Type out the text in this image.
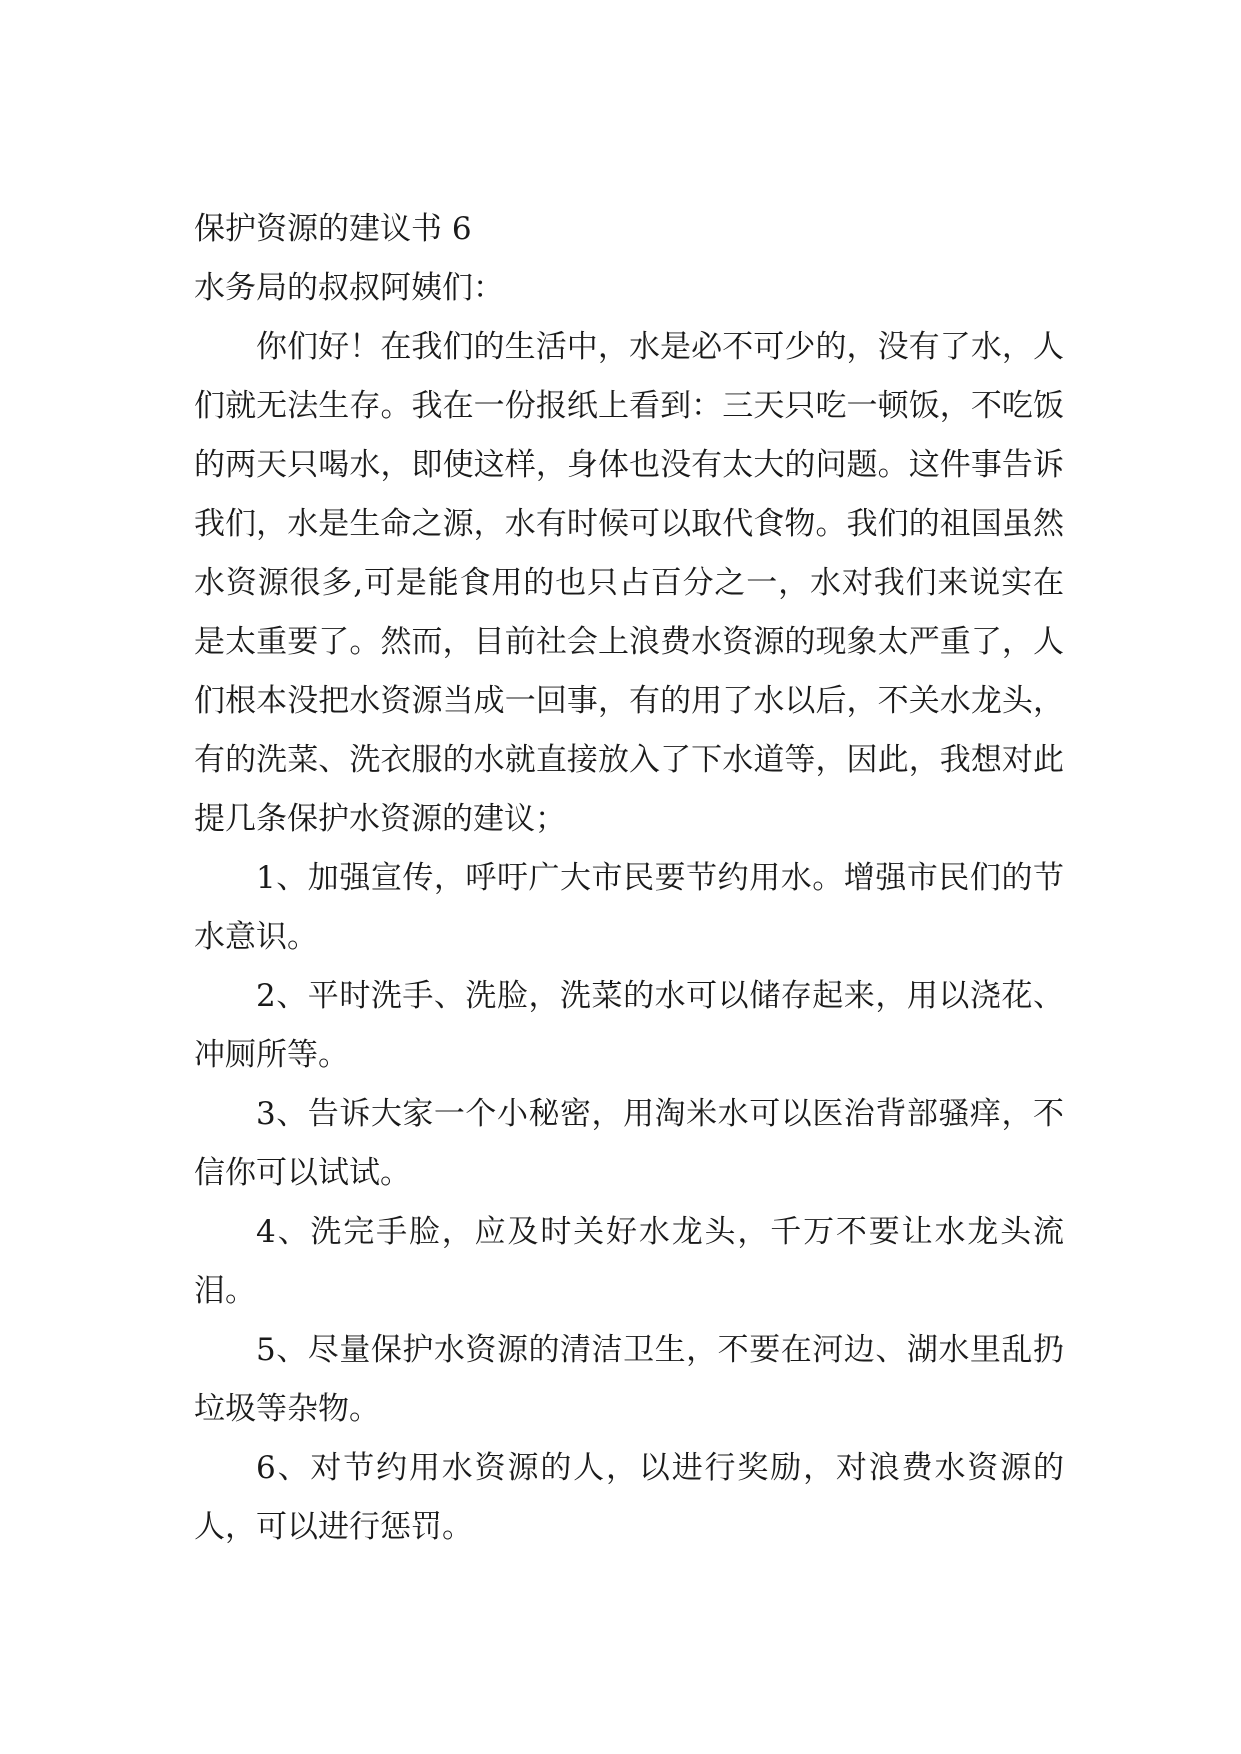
保护资源的建议书 6

水务局的叔叔阿姨们：

你们好！在我们的生活中，水是必不可少的，没有了水，人们就无法生存。我在一份报纸上看到：三天只吃一顿饭，不吃饭的两天只喝水，即使这样，身体也没有太大的问题。这件事告诉我们，水是生命之源，水有时候可以取代食物。我们的祖国虽然水资源很多,可是能食用的也只占百分之一，水对我们来说实在是太重要了。然而，目前社会上浪费水资源的现象太严重了，人们根本没把水资源当成一回事，有的用了水以后，不关水龙头，有的洗菜、洗衣服的水就直接放入了下水道等，因此，我想对此提几条保护水资源的建议；

1、加强宣传，呼吁广大市民要节约用水。增强市民们的节水意识。

2、平时洗手、洗脸，洗菜的水可以储存起来，用以浇花、冲厕所等。

3、告诉大家一个小秘密，用淘米水可以医治背部骚痒，不信你可以试试。

4、洗完手脸，应及时关好水龙头，千万不要让水龙头流泪。

5、尽量保护水资源的清洁卫生，不要在河边、湖水里乱扔垃圾等杂物。

6、对节约用水资源的人，以进行奖励，对浪费水资源的人，可以进行惩罚。
